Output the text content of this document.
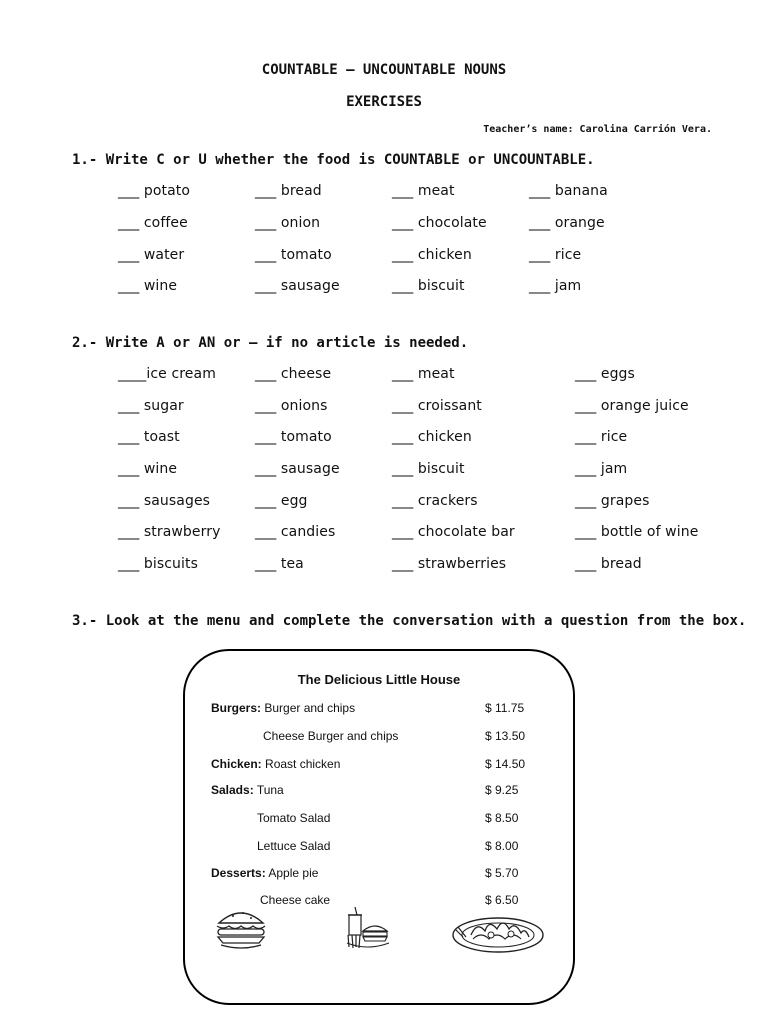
COUNTABLE – UNCOUNTABLE NOUNS
EXERCISES
Teacher’s name: Carolina Carrión Vera.
1.- Write C or U whether the food is COUNTABLE or UNCOUNTABLE.
___ potato	___ bread	___ meat	___ banana
___ coffee	___ onion	___ chocolate	___ orange
___ water	___ tomato	___ chicken	___ rice
___ wine	___ sausage	___ biscuit	___ jam
2.- Write A or AN or – if no article is needed.
____ice cream	___ cheese	___ meat	___ eggs
___ sugar	___ onions	___ croissant	___ orange juice
___ toast	___ tomato	___ chicken	___ rice
___ wine	___ sausage	___ biscuit	___ jam
___ sausages	___ egg	___ crackers	___ grapes
___ strawberry ___ candies	___ chocolate bar	___ bottle of wine
___ biscuits	___ tea	___ strawberries	___ bread
3.- Look at the menu and complete the conversation with a question from the box.
The Delicious Little House
Burgers: Burger and chips	$ 11.75
Cheese Burger and chips	$ 13.50
Chicken: Roast chicken	$ 14.50
Salads: Tuna	$ 9.25
Tomato Salad	$ 8.50
Lettuce Salad	$ 8.00
Desserts: Apple pie	$ 5.70
Cheese cake	$ 6.50
